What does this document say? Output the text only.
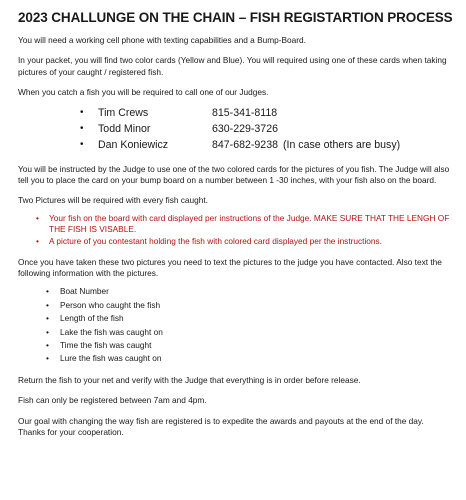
2023 CHALLUNGE ON THE CHAIN – FISH REGISTARTION PROCESS

You will need a working cell phone with texting capabilities and a Bump-Board.

In your packet, you will find two color cards (Yellow and Blue). You will required using one of these cards when taking pictures of your caught / registered fish.

When you catch a fish you will be required to call one of our Judges.

•	Tim Crews	815-341-8118
•	Todd Minor	630-229-3726
•	Dan Koniewicz	847-682-9238 (In case others are busy)

You will be instructed by the Judge to use one of the two colored cards for the pictures of you fish. The Judge will also tell you to place the card on your bump board on a number between 1 -30 inches, with your fish also on the board.

Two Pictures will be required with every fish caught.

•	Your fish on the board with card displayed per instructions of the Judge. MAKE SURE THAT THE LENGH OF THE FISH IS VISABLE.
•	A picture of you contestant holding the fish with colored card displayed per the instructions.

Once you have taken these two pictures you need to text the pictures to the judge you have contacted. Also text the following information with the pictures.

•	Boat Number
•	Person who caught the fish
•	Length of the fish
•	Lake the fish was caught on
•	Time the fish was caught
•	Lure the fish was caught on

Return the fish to your net and verify with the Judge that everything is in order before release.

Fish can only be registered between 7am and 4pm.

Our goal with changing the way fish are registered is to expedite the awards and payouts at the end of the day. Thanks for your cooperation.
